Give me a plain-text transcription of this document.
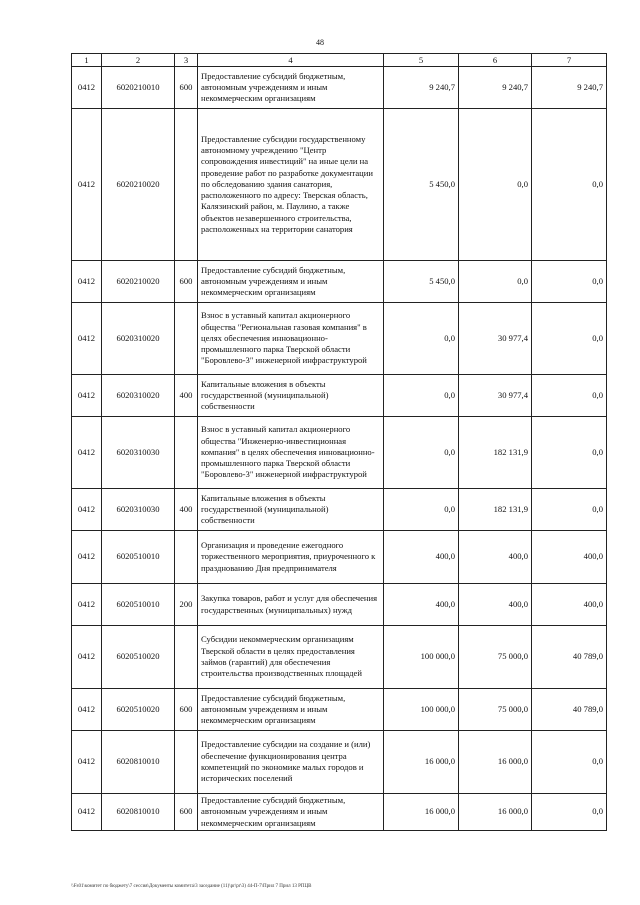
48
1	2	3	4	5	6	7
0412	6020210010	600	Предоставление субсидий бюджетным, автономным учреждениям и иным некоммерческим организациям	9 240,7	9 240,7	9 240,7
0412	6020210020		Предоставление субсидии государственному автономному учреждению "Центр сопровождения инвестиций" на иные цели на проведение работ по разработке документации по обследованию здания санатория, расположенного по адресу: Тверская область, Калязинский район, м. Паулино, а также объектов незавершенного строительства, расположенных на территории санатория	5 450,0	0,0	0,0
0412	6020210020	600	Предоставление субсидий бюджетным, автономным учреждениям и иным некоммерческим организациям	5 450,0	0,0	0,0
0412	6020310020		Взнос в уставный капитал акционерного общества "Региональная газовая компания" в целях обеспечения инновационно-промышленного парка Тверской области "Боровлево-3" инженерной инфраструктурой	0,0	30 977,4	0,0
0412	6020310020	400	Капитальные вложения в объекты государственной (муниципальной) собственности	0,0	30 977,4	0,0
0412	6020310030		Взнос в уставный капитал акционерного общества "Инженерно-инвестиционная компания" в целях обеспечения инновационно-промышленного парка Тверской области "Боровлево-3" инженерной инфраструктурой	0,0	182 131,9	0,0
0412	6020310030	400	Капитальные вложения в объекты государственной (муниципальной) собственности	0,0	182 131,9	0,0
0412	6020510010		Организация и проведение ежегодного торжественного мероприятия, приуроченного к празднованию Дня предпринимателя	400,0	400,0	400,0
0412	6020510010	200	Закупка товаров, работ и услуг для обеспечения государственных (муниципальных) нужд	400,0	400,0	400,0
0412	6020510020		Субсидии некоммерческим организациям Тверской области в целях предоставления займов (гарантий) для обеспечения строительства производственных площадей	100 000,0	75 000,0	40 789,0
0412	6020510020	600	Предоставление субсидий бюджетным, автономным учреждениям и иным некоммерческим организациям	100 000,0	75 000,0	40 789,0
0412	6020810010		Предоставление субсидии на создание и (или) обеспечение функционирования центра компетенций по экономике малых городов и исторических поселений	16 000,0	16 000,0	0,0
0412	6020810010	600	Предоставление субсидий бюджетным, автономным учреждениям и иным некоммерческим организациям	16 000,0	16 000,0	0,0
\\Fs01\комитет по бюджету\7 сессия\Документы комитета\3 заседание (11)\pr\pr\3) 44-П-7\Прил 7 Прил 13 РПЦВ
